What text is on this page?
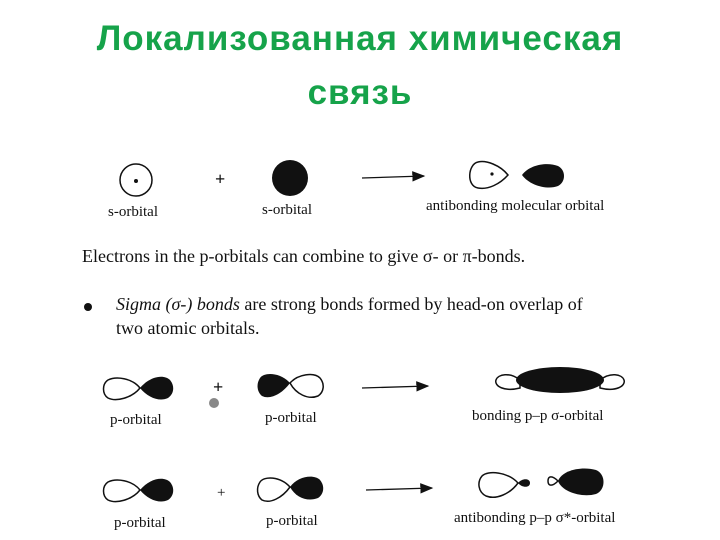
Локализованная химическая
связь
+
+
+
s-orbital	s-orbital	antibonding molecular orbital
Electrons in the p-orbitals can combine to give σ- or π-bonds.
Sigma (σ-) bonds are strong bonds formed by head-on overlap of
two atomic orbitals.
p-orbital	p-orbital	bonding p–p σ-orbital
p-orbital	p-orbital	antibonding p–p σ*-orbital
